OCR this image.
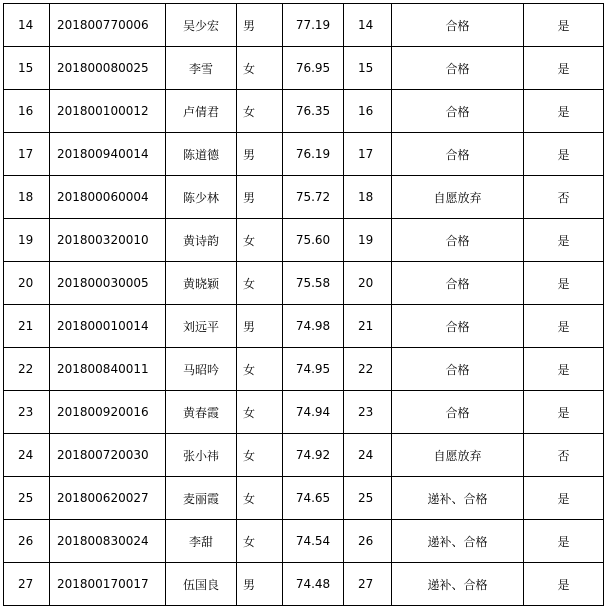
14	201800770006	吴少宏	男	77.19	14	合格	是
15	201800080025	李雪	女	76.95	15	合格	是
16	201800100012	卢倩君	女	76.35	16	合格	是
17	201800940014	陈道德	男	76.19	17	合格	是
18	201800060004	陈少林	男	75.72	18	自愿放弃	否
19	201800320010	黄诗韵	女	75.60	19	合格	是
20	201800030005	黄晓颖	女	75.58	20	合格	是
21	201800010014	刘远平	男	74.98	21	合格	是
22	201800840011	马昭吟	女	74.95	22	合格	是
23	201800920016	黄春霞	女	74.94	23	合格	是
24	201800720030	张小祎	女	74.92	24	自愿放弃	否
25	201800620027	麦丽霞	女	74.65	25	递补、合格	是
26	201800830024	李甜	女	74.54	26	递补、合格	是
27	201800170017	伍国良	男	74.48	27	递补、合格	是
